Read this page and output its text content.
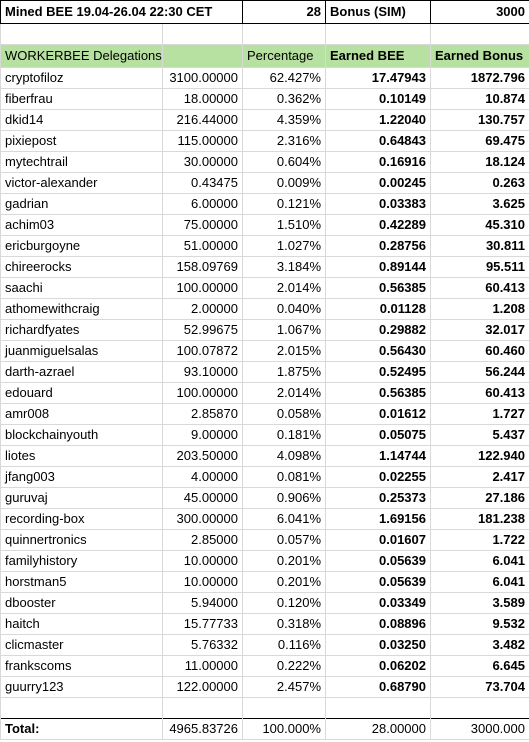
Mined BEE 19.04-26.04 22:30 CET		28	Bonus (SIM)	3000

WORKERBEE Delegations		Percentage	Earned BEE	Earned Bonus
cryptofiloz	3100.00000	62.427%	17.47943	1872.796
fiberfrau	18.00000	0.362%	0.10149	10.874
dkid14	216.44000	4.359%	1.22040	130.757
pixiepost	115.00000	2.316%	0.64843	69.475
mytechtrail	30.00000	0.604%	0.16916	18.124
victor-alexander	0.43475	0.009%	0.00245	0.263
gadrian	6.00000	0.121%	0.03383	3.625
achim03	75.00000	1.510%	0.42289	45.310
ericburgoyne	51.00000	1.027%	0.28756	30.811
chireerocks	158.09769	3.184%	0.89144	95.511
saachi	100.00000	2.014%	0.56385	60.413
athomewithcraig	2.00000	0.040%	0.01128	1.208
richardfyates	52.99675	1.067%	0.29882	32.017
juanmiguelsalas	100.07872	2.015%	0.56430	60.460
darth-azrael	93.10000	1.875%	0.52495	56.244
edouard	100.00000	2.014%	0.56385	60.413
amr008	2.85870	0.058%	0.01612	1.727
blockchainyouth	9.00000	0.181%	0.05075	5.437
liotes	203.50000	4.098%	1.14744	122.940
jfang003	4.00000	0.081%	0.02255	2.417
guruvaj	45.00000	0.906%	0.25373	27.186
recording-box	300.00000	6.041%	1.69156	181.238
quinnertronics	2.85000	0.057%	0.01607	1.722
familyhistory	10.00000	0.201%	0.05639	6.041
horstman5	10.00000	0.201%	0.05639	6.041
dbooster	5.94000	0.120%	0.03349	3.589
haitch	15.77733	0.318%	0.08896	9.532
clicmaster	5.76332	0.116%	0.03250	3.482
frankscoms	11.00000	0.222%	0.06202	6.645
guurry123	122.00000	2.457%	0.68790	73.704

Total:	4965.83726	100.000%	28.00000	3000.000
